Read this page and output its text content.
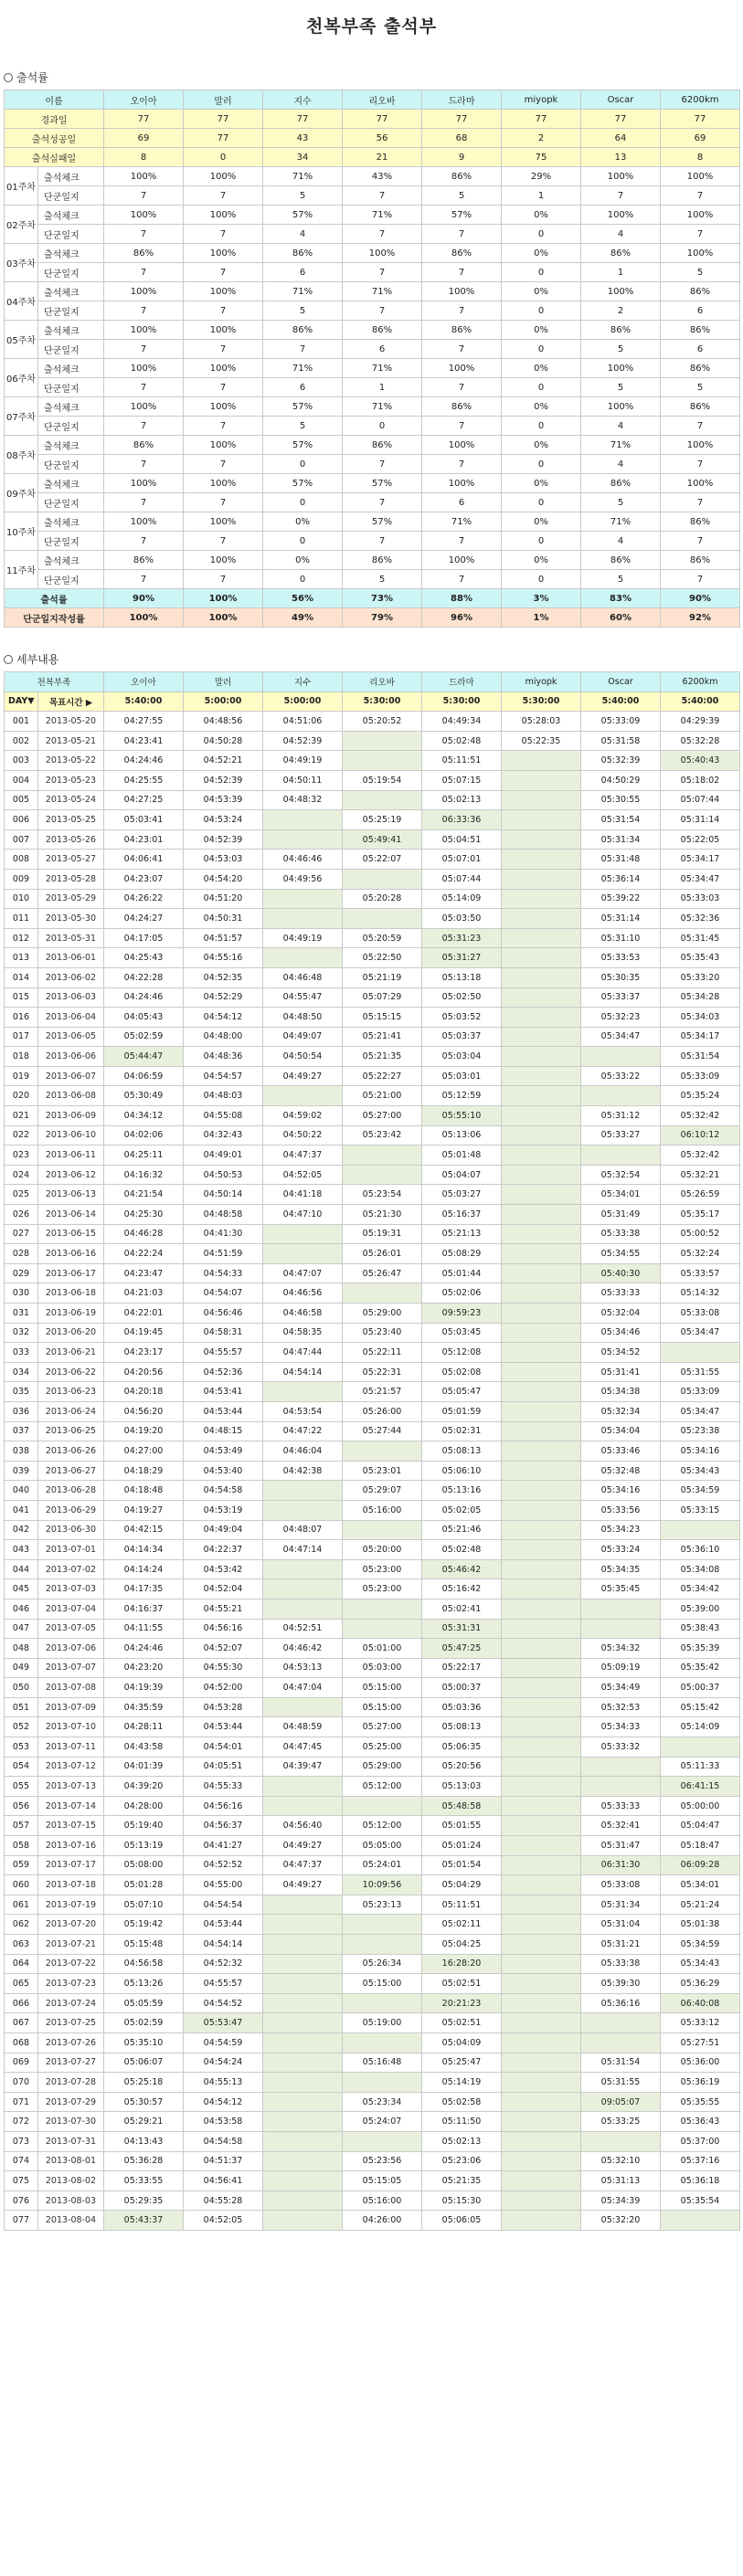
천복부족 출석부
출석률
이름		오이아	말러	지수	리오바	드라마	miyopk	Oscar	6200km
경과일		77	77	77	77	77	77	77	77
출석성공일		69	77	43	56	68	2	64	69
출석실패일		8	0	34	21	9	75	13	8
01주차	출석체크	100%	100%	71%	43%	86%	29%	100%	100%
	단군일지	7	7	5	7	5	1	7	7
02주차	출석체크	100%	100%	57%	71%	57%	0%	100%	100%
	단군일지	7	7	4	7	7	0	4	7
03주차	출석체크	86%	100%	86%	100%	86%	0%	86%	100%
	단군일지	7	7	6	7	7	0	1	5
04주차	출석체크	100%	100%	71%	71%	100%	0%	100%	86%
	단군일지	7	7	5	7	7	0	2	6
05주차	출석체크	100%	100%	86%	86%	86%	0%	86%	86%
	단군일지	7	7	7	6	7	0	5	6
06주차	출석체크	100%	100%	71%	71%	100%	0%	100%	86%
	단군일지	7	7	6	1	7	0	5	5
07주차	출석체크	100%	100%	57%	71%	86%	0%	100%	86%
	단군일지	7	7	5	0	7	0	4	7
08주차	출석체크	86%	100%	57%	86%	100%	0%	71%	100%
	단군일지	7	7	0	7	7	0	4	7
09주차	출석체크	100%	100%	57%	57%	100%	0%	86%	100%
	단군일지	7	7	0	7	6	0	5	7
10주차	출석체크	100%	100%	0%	57%	71%	0%	71%	86%
	단군일지	7	7	0	7	7	0	4	7
11주차	출석체크	86%	100%	0%	86%	100%	0%	86%	86%
	단군일지	7	7	0	5	7	0	5	7
출석률		90%	100%	56%	73%	88%	3%	83%	90%
단군일지작성률		100%	100%	49%	79%	96%	1%	60%	92%
세부내용
천복부족		오이아	말러	지수	리오바	드라마	miyopk	Oscar	6200km
DAY▼	목표시간 ▶	5:40:00	5:00:00	5:00:00	5:30:00	5:30:00	5:30:00	5:40:00	5:40:00
001	2013-05-20	04:27:55	04:48:56	04:51:06	05:20:52	04:49:34	05:28:03	05:33:09	04:29:39
002	2013-05-21	04:23:41	04:50:28	04:52:39		05:02:48	05:22:35	05:31:58	05:32:28
003	2013-05-22	04:24:46	04:52:21	04:49:19		05:11:51		05:32:39	05:40:43
004	2013-05-23	04:25:55	04:52:39	04:50:11	05:19:54	05:07:15		04:50:29	05:18:02
005	2013-05-24	04:27:25	04:53:39	04:48:32		05:02:13		05:30:55	05:07:44
006	2013-05-25	05:03:41	04:53:24		05:25:19	06:33:36		05:31:54	05:31:14
007	2013-05-26	04:23:01	04:52:39		05:49:41	05:04:51		05:31:34	05:22:05
008	2013-05-27	04:06:41	04:53:03	04:46:46	05:22:07	05:07:01		05:31:48	05:34:17
009	2013-05-28	04:23:07	04:54:20	04:49:56		05:07:44		05:36:14	05:34:47
010	2013-05-29	04:26:22	04:51:20		05:20:28	05:14:09		05:39:22	05:33:03
011	2013-05-30	04:24:27	04:50:31			05:03:50		05:31:14	05:32:36
012	2013-05-31	04:17:05	04:51:57	04:49:19	05:20:59	05:31:23		05:31:10	05:31:45
013	2013-06-01	04:25:43	04:55:16		05:22:50	05:31:27		05:33:53	05:35:43
014	2013-06-02	04:22:28	04:52:35	04:46:48	05:21:19	05:13:18		05:30:35	05:33:20
015	2013-06-03	04:24:46	04:52:29	04:55:47	05:07:29	05:02:50		05:33:37	05:34:28
016	2013-06-04	04:05:43	04:54:12	04:48:50	05:15:15	05:03:52		05:32:23	05:34:03
017	2013-06-05	05:02:59	04:48:00	04:49:07	05:21:41	05:03:37		05:34:47	05:34:17
018	2013-06-06	05:44:47	04:48:36	04:50:54	05:21:35	05:03:04			05:31:54
019	2013-06-07	04:06:59	04:54:57	04:49:27	05:22:27	05:03:01		05:33:22	05:33:09
020	2013-06-08	05:30:49	04:48:03		05:21:00	05:12:59			05:35:24
021	2013-06-09	04:34:12	04:55:08	04:59:02	05:27:00	05:55:10		05:31:12	05:32:42
022	2013-06-10	04:02:06	04:32:43	04:50:22	05:23:42	05:13:06		05:33:27	06:10:12
023	2013-06-11	04:25:11	04:49:01	04:47:37		05:01:48			05:32:42
024	2013-06-12	04:16:32	04:50:53	04:52:05		05:04:07		05:32:54	05:32:21
025	2013-06-13	04:21:54	04:50:14	04:41:18	05:23:54	05:03:27		05:34:01	05:26:59
026	2013-06-14	04:25:30	04:48:58	04:47:10	05:21:30	05:16:37		05:31:49	05:35:17
027	2013-06-15	04:46:28	04:41:30		05:19:31	05:21:13		05:33:38	05:00:52
028	2013-06-16	04:22:24	04:51:59		05:26:01	05:08:29		05:34:55	05:32:24
029	2013-06-17	04:23:47	04:54:33	04:47:07	05:26:47	05:01:44		05:40:30	05:33:57
030	2013-06-18	04:21:03	04:54:07	04:46:56		05:02:06		05:33:33	05:14:32
031	2013-06-19	04:22:01	04:56:46	04:46:58	05:29:00	09:59:23		05:32:04	05:33:08
032	2013-06-20	04:19:45	04:58:31	04:58:35	05:23:40	05:03:45		05:34:46	05:34:47
033	2013-06-21	04:23:17	04:55:57	04:47:44	05:22:11	05:12:08		05:34:52	
034	2013-06-22	04:20:56	04:52:36	04:54:14	05:22:31	05:02:08		05:31:41	05:31:55
035	2013-06-23	04:20:18	04:53:41		05:21:57	05:05:47		05:34:38	05:33:09
036	2013-06-24	04:56:20	04:53:44	04:53:54	05:26:00	05:01:59		05:32:34	05:34:47
037	2013-06-25	04:19:20	04:48:15	04:47:22	05:27:44	05:02:31		05:34:04	05:23:38
038	2013-06-26	04:27:00	04:53:49	04:46:04		05:08:13		05:33:46	05:34:16
039	2013-06-27	04:18:29	04:53:40	04:42:38	05:23:01	05:06:10		05:32:48	05:34:43
040	2013-06-28	04:18:48	04:54:58		05:29:07	05:13:16		05:34:16	05:34:59
041	2013-06-29	04:19:27	04:53:19		05:16:00	05:02:05		05:33:56	05:33:15
042	2013-06-30	04:42:15	04:49:04	04:48:07		05:21:46		05:34:23	
043	2013-07-01	04:14:34	04:22:37	04:47:14	05:20:00	05:02:48		05:33:24	05:36:10
044	2013-07-02	04:14:24	04:53:42		05:23:00	05:46:42		05:34:35	05:34:08
045	2013-07-03	04:17:35	04:52:04		05:23:00	05:16:42		05:35:45	05:34:42
046	2013-07-04	04:16:37	04:55:21			05:02:41			05:39:00
047	2013-07-05	04:11:55	04:56:16	04:52:51		05:31:31			05:38:43
048	2013-07-06	04:24:46	04:52:07	04:46:42	05:01:00	05:47:25		05:34:32	05:35:39
049	2013-07-07	04:23:20	04:55:30	04:53:13	05:03:00	05:22:17		05:09:19	05:35:42
050	2013-07-08	04:19:39	04:52:00	04:47:04	05:15:00	05:00:37		05:34:49	05:00:37
051	2013-07-09	04:35:59	04:53:28		05:15:00	05:03:36		05:32:53	05:15:42
052	2013-07-10	04:28:11	04:53:44	04:48:59	05:27:00	05:08:13		05:34:33	05:14:09
053	2013-07-11	04:43:58	04:54:01	04:47:45	05:25:00	05:06:35		05:33:32	
054	2013-07-12	04:01:39	04:05:51	04:39:47	05:29:00	05:20:56			05:11:33
055	2013-07-13	04:39:20	04:55:33		05:12:00	05:13:03			06:41:15
056	2013-07-14	04:28:00	04:56:16			05:48:58		05:33:33	05:00:00
057	2013-07-15	05:19:40	04:56:37	04:56:40	05:12:00	05:01:55		05:32:41	05:04:47
058	2013-07-16	05:13:19	04:41:27	04:49:27	05:05:00	05:01:24		05:31:47	05:18:47
059	2013-07-17	05:08:00	04:52:52	04:47:37	05:24:01	05:01:54		06:31:30	06:09:28
060	2013-07-18	05:01:28	04:55:00	04:49:27	10:09:56	05:04:29		05:33:08	05:34:01
061	2013-07-19	05:07:10	04:54:54		05:23:13	05:11:51		05:31:34	05:21:24
062	2013-07-20	05:19:42	04:53:44			05:02:11		05:31:04	05:01:38
063	2013-07-21	05:15:48	04:54:14			05:04:25		05:31:21	05:34:59
064	2013-07-22	04:56:58	04:52:32		05:26:34	16:28:20		05:33:38	05:34:43
065	2013-07-23	05:13:26	04:55:57		05:15:00	05:02:51		05:39:30	05:36:29
066	2013-07-24	05:05:59	04:54:52			20:21:23		05:36:16	06:40:08
067	2013-07-25	05:02:59	05:53:47		05:19:00	05:02:51			05:33:12
068	2013-07-26	05:35:10	04:54:59			05:04:09			05:27:51
069	2013-07-27	05:06:07	04:54:24		05:16:48	05:25:47		05:31:54	05:36:00
070	2013-07-28	05:25:18	04:55:13			05:14:19		05:31:55	05:36:19
071	2013-07-29	05:30:57	04:54:12		05:23:34	05:02:58		09:05:07	05:35:55
072	2013-07-30	05:29:21	04:53:58		05:24:07	05:11:50		05:33:25	05:36:43
073	2013-07-31	04:13:43	04:54:58			05:02:13			05:37:00
074	2013-08-01	05:36:28	04:51:37		05:23:56	05:23:06		05:32:10	05:37:16
075	2013-08-02	05:33:55	04:56:41		05:15:05	05:21:35		05:31:13	05:36:18
076	2013-08-03	05:29:35	04:55:28		05:16:00	05:15:30		05:34:39	05:35:54
077	2013-08-04	05:43:37	04:52:05		04:26:00	05:06:05		05:32:20	
